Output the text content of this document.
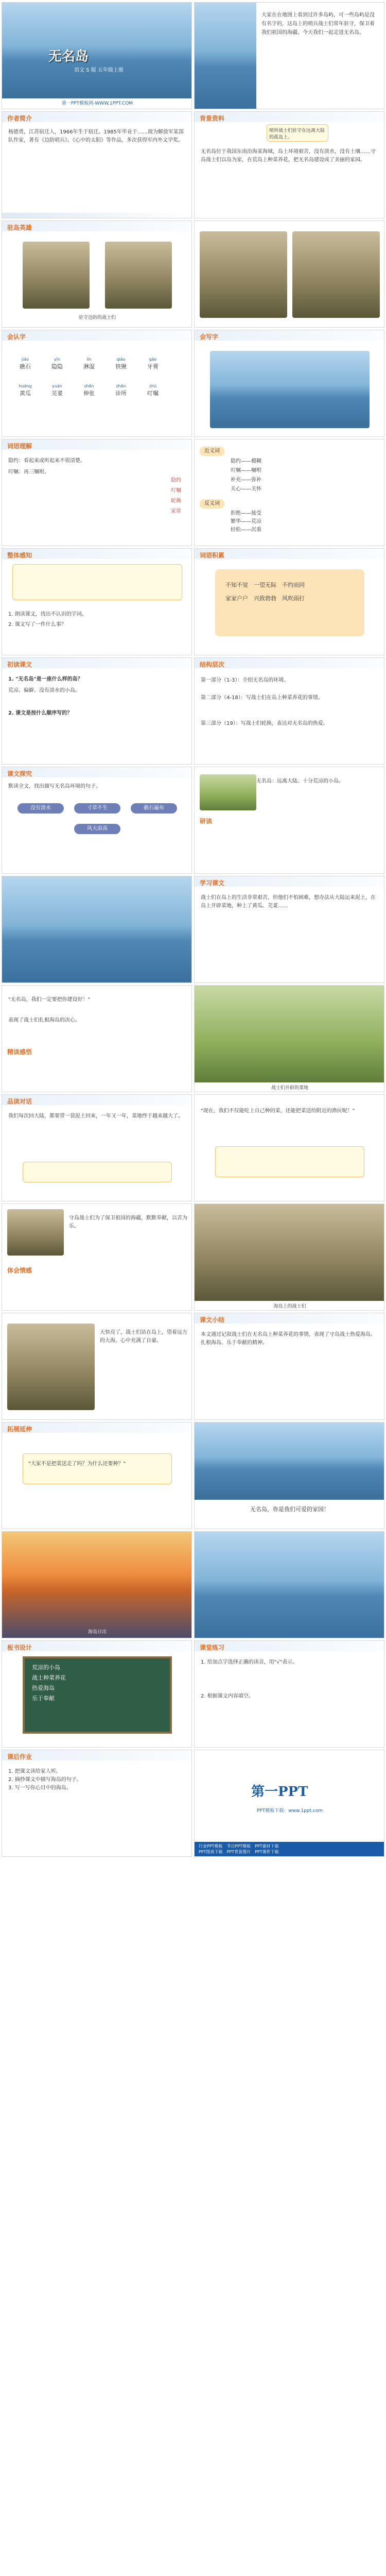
无名岛
语文 S 版 五年级上册
第一PPT模板网-WWW.1PPT.COM
大家在在地图上看到过许多岛屿，可一些岛屿是没有名字的，这岛上的哨兵战士们常年驻守，保卫着我们祖国的海疆。今天我们一起走进无名岛。
作者简介
杨德勇，江苏宿迁人，1966年生于宿迁。1985年毕业于……现为解放军某部队作家，著有《边防哨兵》、《心中的太阳》等作品，多次获得军内外文学奖。
背景资料
哨所战士们驻守在远离大陆的孤岛上。
无名岛位于我国东南沿海某海域，岛上环境艰苦，没有淡水，没有土壤……守岛战士们以岛为家，在荒岛上种菜养花，把无名岛建设成了美丽的家园。
驻岛英雄
驻守边防的战士们
会认字
jiāo	yǐn	lín	qiāo	gāo
礁石	隐隐	淋湿	铁锹	牙膏
huáng	yuán	shēn	zhěn	zhǔ
黄瓜	芫荽	伸张	诊所	叮嘱
会写字
词语理解
隐约：看起来或听起来不很清楚。
叮嘱：再三嘱咐。
隐约
叮嘱
轮换
家常
近义词
隐约——模糊
叮嘱——嘱咐
补充——弥补
关心——关怀
反义词
拒绝——接受
繁华——荒凉
轻松——沉重
整体感知
1. 朗读课文，找出不认识的字词。
2. 课文写了一件什么事？
词语积累
不知不觉　 一望无际　 不约而同
家家户户　 兴致勃勃　 风吹雨打
初读课文
1. "无名岛"是一座什么样的岛？
荒凉、偏僻、没有淡水的小岛。
2. 课文是按什么顺序写的？
结构层次
第一部分（1-3）：介绍无名岛的环境。
第二部分（4-18）：写战士们在岛上种菜养花的事情。
第三部分（19）：写战士们轮换，表达对无名岛的热爱。
课文探究
默读全文，找出描写无名岛环境的句子。
没有淡水	寸草不生	礁石遍布
风大浪高
无名岛：远离大陆、十分荒凉的小岛。
研读
学习课文
战士们在岛上的生活非常艰苦，但他们不怕困难，想办法从大陆运来泥土，在岛上开辟菜地，种上了黄瓜、芫荽……
"无名岛，我们一定要把你建设好！"
表现了战士们扎根海岛的决心。
精读感悟
战士们开辟的菜地
品读对话
我们每次回大陆，都要带一袋泥土回来，一年又一年，菜地终于越来越大了。
"现在，我们不仅能吃上自己种的菜，还能把菜送给附近的渔民呢！"
守岛战士们为了保卫祖国的海疆，默默奉献，以苦为乐。
体会情感
海岛上的战士们
天快亮了，战士们站在岛上，望着远方的大海，心中充满了自豪。
课文小结
本文通过记叙战士们在无名岛上种菜养花的事情，表现了守岛战士热爱海岛、扎根海岛、乐于奉献的精神。
拓展延伸
"大家不是把菜送走了吗？为什么还要种？"
无名岛，你是我们可爱的家园！
海岛日出
板书设计
荒凉的小岛
战士种菜养花
热爱海岛
乐于奉献
课堂练习
1. 给加点字选择正确的读音，用"√"表示。
2. 根据课文内容填空。
课后作业
1. 把课文读给家人听。
2. 摘抄课文中描写海岛的句子。
3. 写一写你心目中的海岛。	第一PPT
PPT模板下载：www.1ppt.com
行业PPT模板　 节日PPT模板　 PPT素材下载
PPT图表下载　 PPT背景图片　 PPT课件下载
